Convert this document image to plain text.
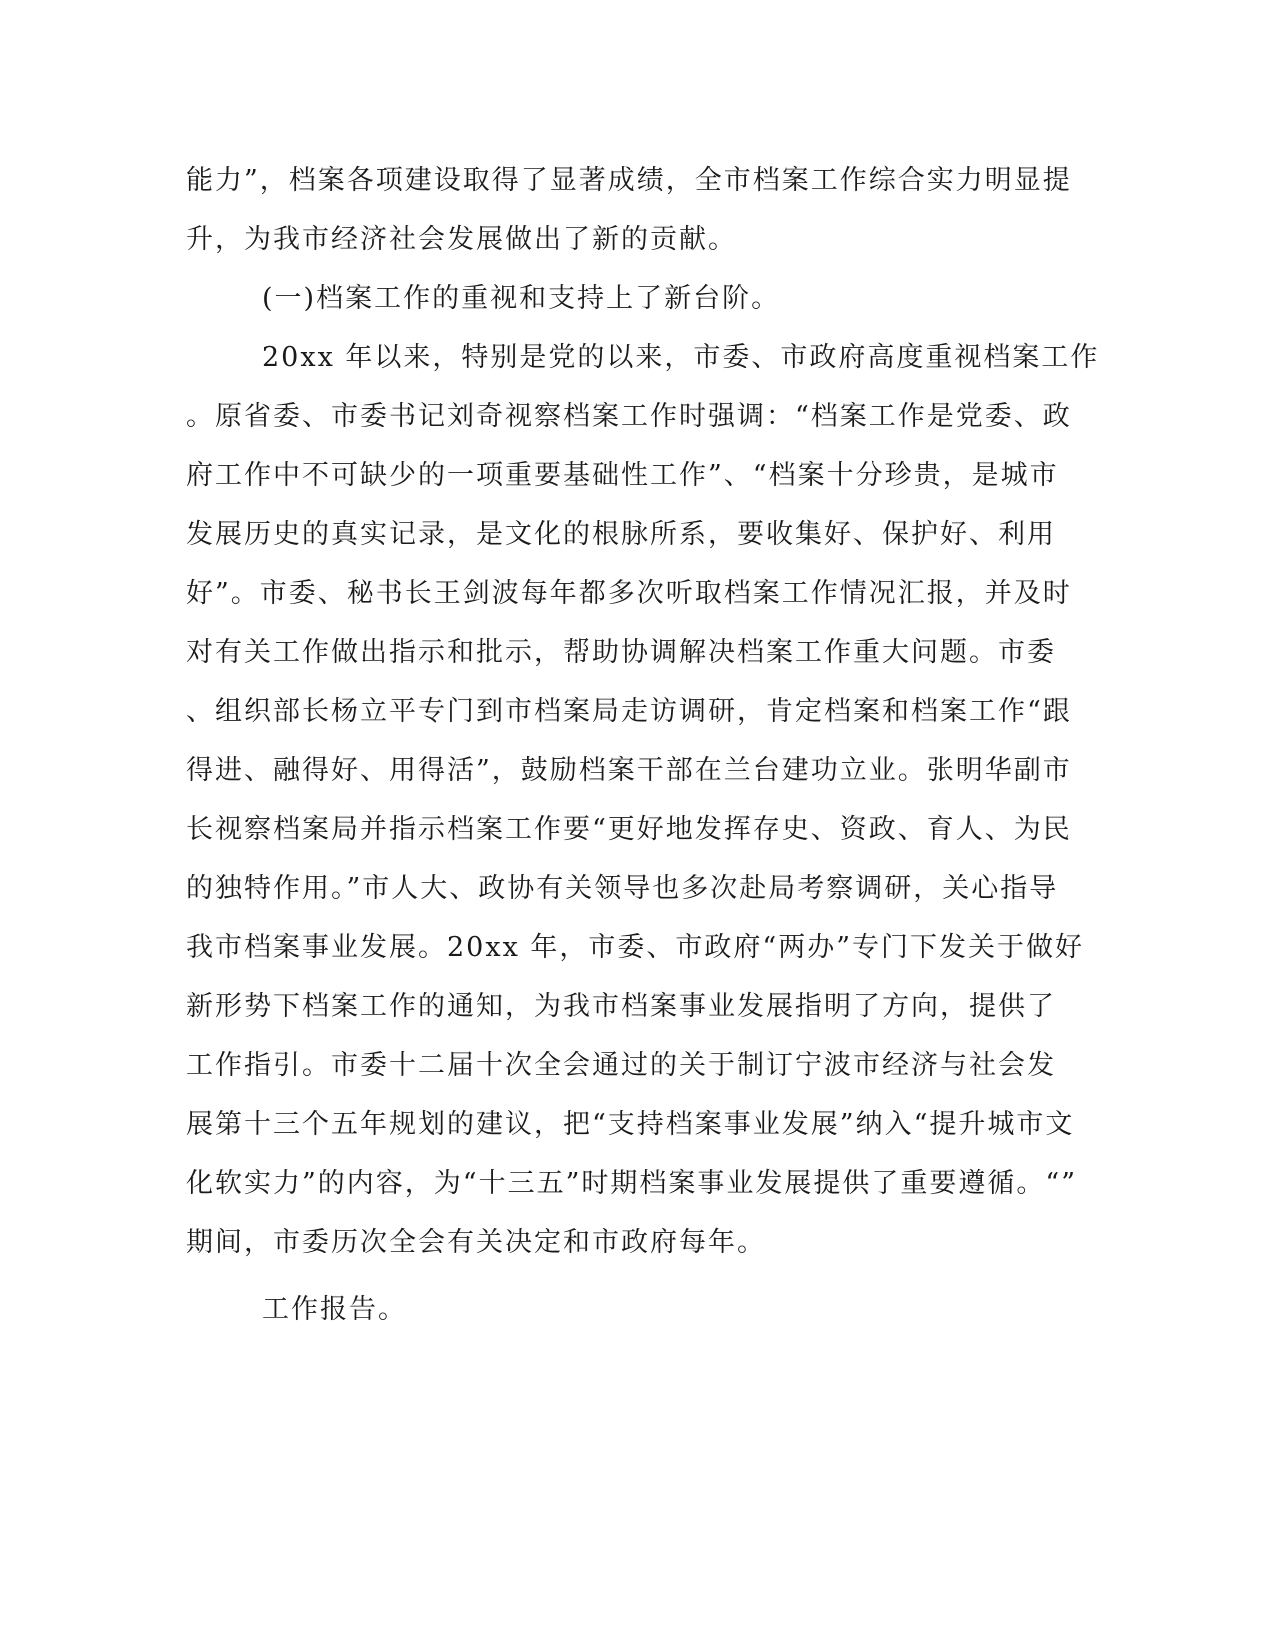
能力”，档案各项建设取得了显著成绩，全市档案工作综合实力明显提
升，为我市经济社会发展做出了新的贡献。
(一)档案工作的重视和支持上了新台阶。
20xx 年以来，特别是党的以来，市委、市政府高度重视档案工作
。原省委、市委书记刘奇视察档案工作时强调：“档案工作是党委、政
府工作中不可缺少的一项重要基础性工作”、“档案十分珍贵，是城市
发展历史的真实记录，是文化的根脉所系，要收集好、保护好、利用
好”。市委、秘书长王剑波每年都多次听取档案工作情况汇报，并及时
对有关工作做出指示和批示，帮助协调解决档案工作重大问题。市委
、组织部长杨立平专门到市档案局走访调研，肯定档案和档案工作“跟
得进、融得好、用得活”，鼓励档案干部在兰台建功立业。张明华副市
长视察档案局并指示档案工作要“更好地发挥存史、资政、育人、为民
的独特作用。”市人大、政协有关领导也多次赴局考察调研，关心指导
我市档案事业发展。20xx 年，市委、市政府“两办”专门下发关于做好
新形势下档案工作的通知，为我市档案事业发展指明了方向，提供了
工作指引。市委十二届十次全会通过的关于制订宁波市经济与社会发
展第十三个五年规划的建议，把“支持档案事业发展”纳入“提升城市文
化软实力”的内容，为“十三五”时期档案事业发展提供了重要遵循。“”
期间，市委历次全会有关决定和市政府每年。
工作报告。
